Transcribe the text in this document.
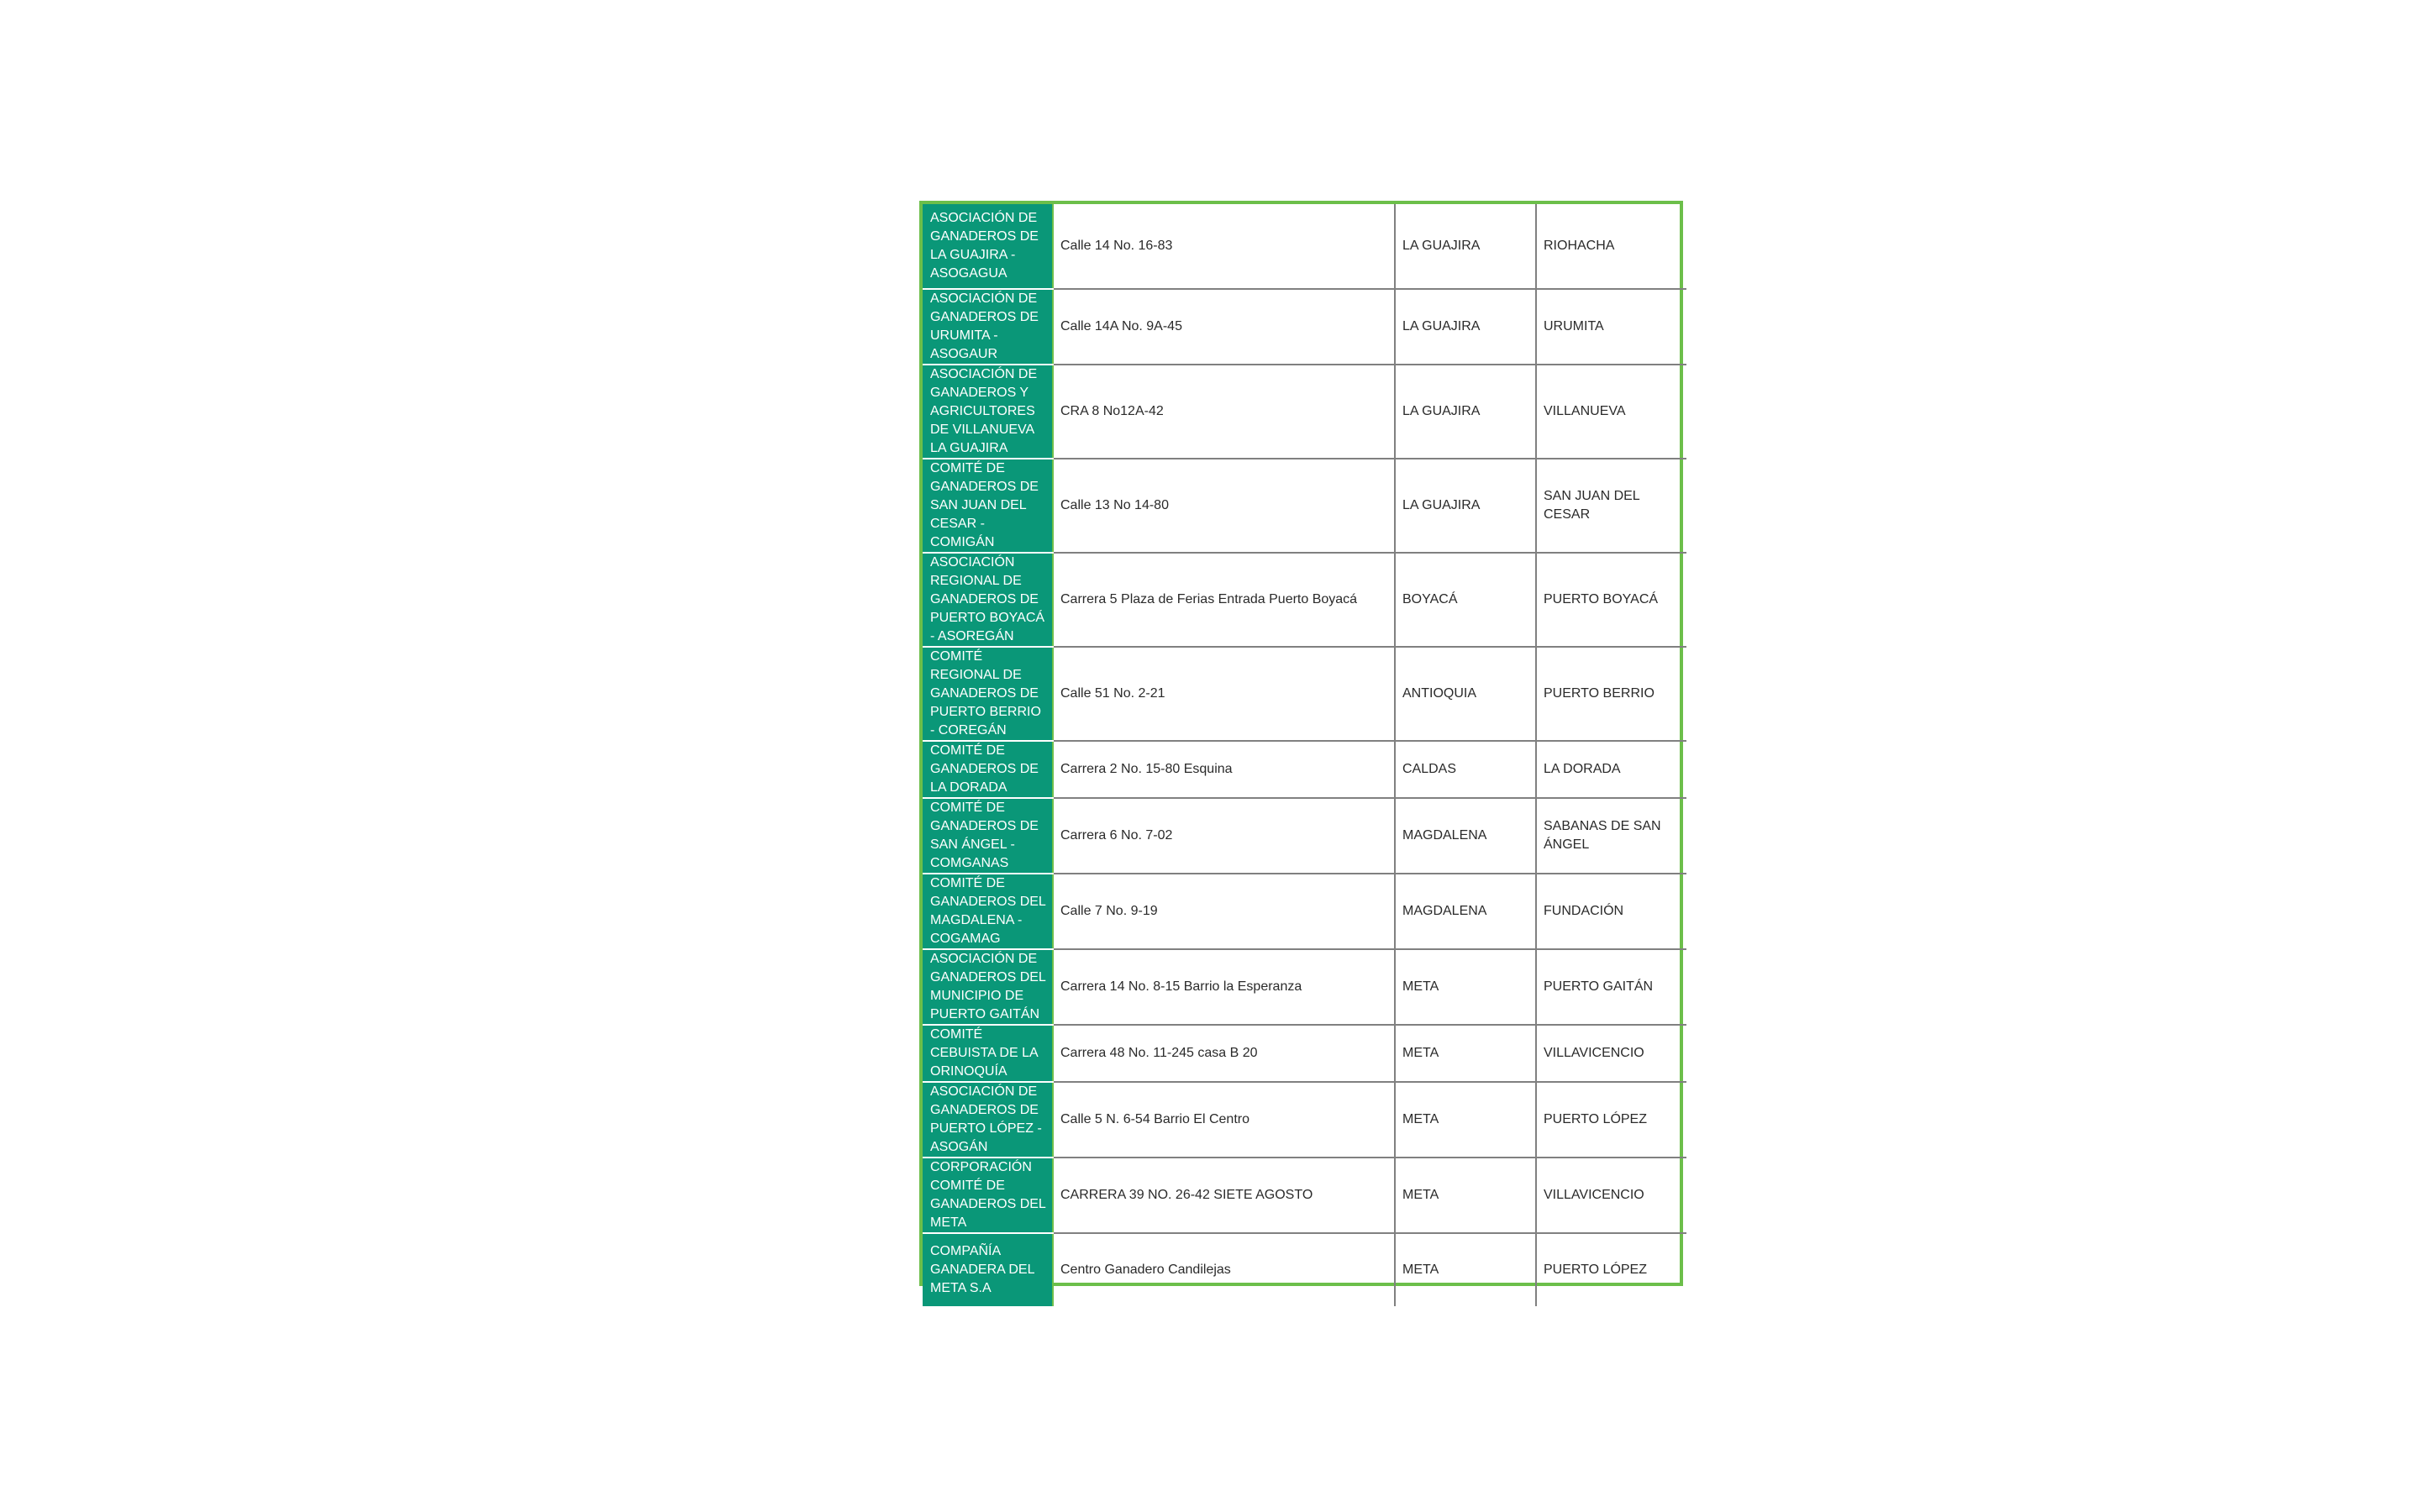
ASOCIACIÓN DE GANADEROS DE LA GUAJIRA - ASOGAGUA	Calle 14 No. 16-83	LA GUAJIRA	RIOHACHA
ASOCIACIÓN DE GANADEROS DE URUMITA - ASOGAUR	Calle 14A No. 9A-45	LA GUAJIRA	URUMITA
ASOCIACIÓN DE GANADEROS Y AGRICULTORES DE VILLANUEVA LA GUAJIRA	CRA 8 No12A-42	LA GUAJIRA	VILLANUEVA
COMITÉ DE GANADEROS DE SAN JUAN DEL CESAR - COMIGÁN	Calle 13 No 14-80	LA GUAJIRA	SAN JUAN DEL CESAR
ASOCIACIÓN REGIONAL DE GANADEROS DE PUERTO BOYACÁ - ASOREGÁN	Carrera 5 Plaza de Ferias Entrada Puerto Boyacá	BOYACÁ	PUERTO BOYACÁ
COMITÉ REGIONAL DE GANADEROS DE PUERTO BERRIO - COREGÁN	Calle 51 No. 2-21	ANTIOQUIA	PUERTO BERRIO
COMITÉ DE GANADEROS DE LA DORADA	Carrera 2 No. 15-80 Esquina	CALDAS	LA DORADA
COMITÉ DE GANADEROS DE SAN ÁNGEL - COMGANAS	Carrera 6 No. 7-02	MAGDALENA	SABANAS DE SAN ÁNGEL
COMITÉ DE GANADEROS DEL MAGDALENA - COGAMAG	Calle 7 No. 9-19	MAGDALENA	FUNDACIÓN
ASOCIACIÓN DE GANADEROS DEL MUNICIPIO DE PUERTO GAITÁN	Carrera 14 No. 8-15 Barrio la Esperanza	META	PUERTO GAITÁN
COMITÉ CEBUISTA DE LA ORINOQUÍA	Carrera 48 No. 11-245 casa B 20	META	VILLAVICENCIO
ASOCIACIÓN DE GANADEROS DE PUERTO LÓPEZ - ASOGÁN	Calle 5 N. 6-54 Barrio El Centro	META	PUERTO LÓPEZ
CORPORACIÓN COMITÉ DE GANADEROS DEL META	CARRERA 39 NO. 26-42 SIETE AGOSTO	META	VILLAVICENCIO
COMPAÑÍA GANADERA DEL META S.A	Centro Ganadero Candilejas	META	PUERTO LÓPEZ
